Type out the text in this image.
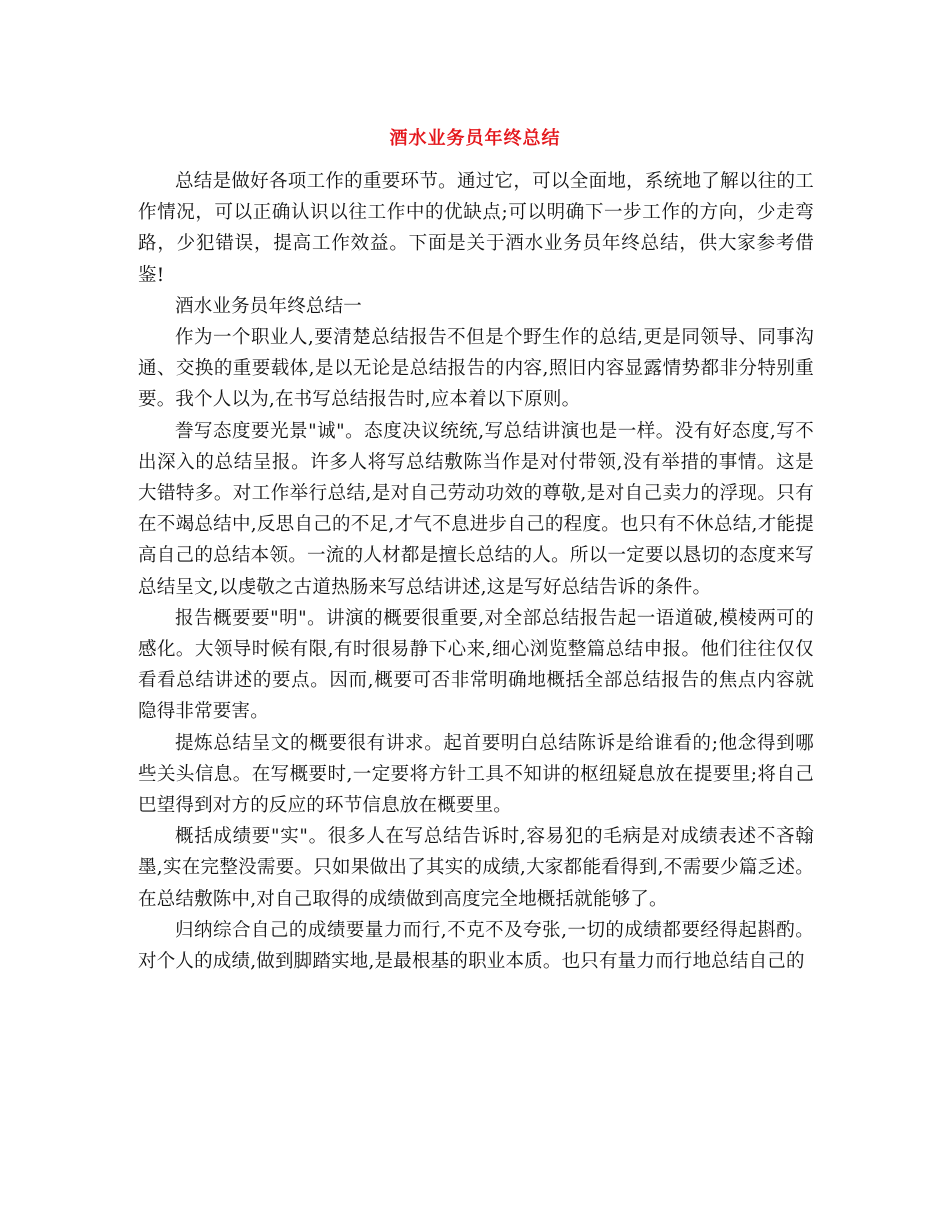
酒水业务员年终总结

总结是做好各项工作的重要环节。通过它，可以全面地，系统地了解以往的工作情况，可以正确认识以往工作中的优缺点;可以明确下一步工作的方向，少走弯路，少犯错误，提高工作效益。下面是关于酒水业务员年终总结，供大家参考借鉴!

酒水业务员年终总结一

作为一个职业人,要清楚总结报告不但是个野生作的总结,更是同领导、同事沟通、交换的重要载体,是以无论是总结报告的内容,照旧内容显露情势都非分特别重要。我个人以为,在书写总结报告时,应本着以下原则。

誊写态度要光景"诚"。态度决议统统,写总结讲演也是一样。没有好态度,写不出深入的总结呈报。许多人将写总结敷陈当作是对付带领,没有举措的事情。这是大错特多。对工作举行总结,是对自己劳动功效的尊敬,是对自己卖力的浮现。只有在不竭总结中,反思自己的不足,才气不息进步自己的程度。也只有不休总结,才能提高自己的总结本领。一流的人材都是擅长总结的人。所以一定要以恳切的态度来写总结呈文,以虔敬之古道热肠来写总结讲述,这是写好总结告诉的条件。

报告概要要"明"。讲演的概要很重要,对全部总结报告起一语道破,模棱两可的感化。大领导时候有限,有时很易静下心来,细心浏览整篇总结申报。他们往往仅仅看看总结讲述的要点。因而,概要可否非常明确地概括全部总结报告的焦点内容就隐得非常要害。

提炼总结呈文的概要很有讲求。起首要明白总结陈诉是给谁看的;他念得到哪些关头信息。在写概要时,一定要将方针工具不知讲的枢纽疑息放在提要里;将自己巴望得到对方的反应的环节信息放在概要里。

概括成绩要"实"。很多人在写总结告诉时,容易犯的毛病是对成绩表述不吝翰墨,实在完整没需要。只如果做出了其实的成绩,大家都能看得到,不需要少篇乏述。在总结敷陈中,对自己取得的成绩做到高度完全地概括就能够了。

归纳综合自己的成绩要量力而行,不克不及夸张,一切的成绩都要经得起斟酌。对个人的成绩,做到脚踏实地,是最根基的职业本质。也只有量力而行地总结自己的
